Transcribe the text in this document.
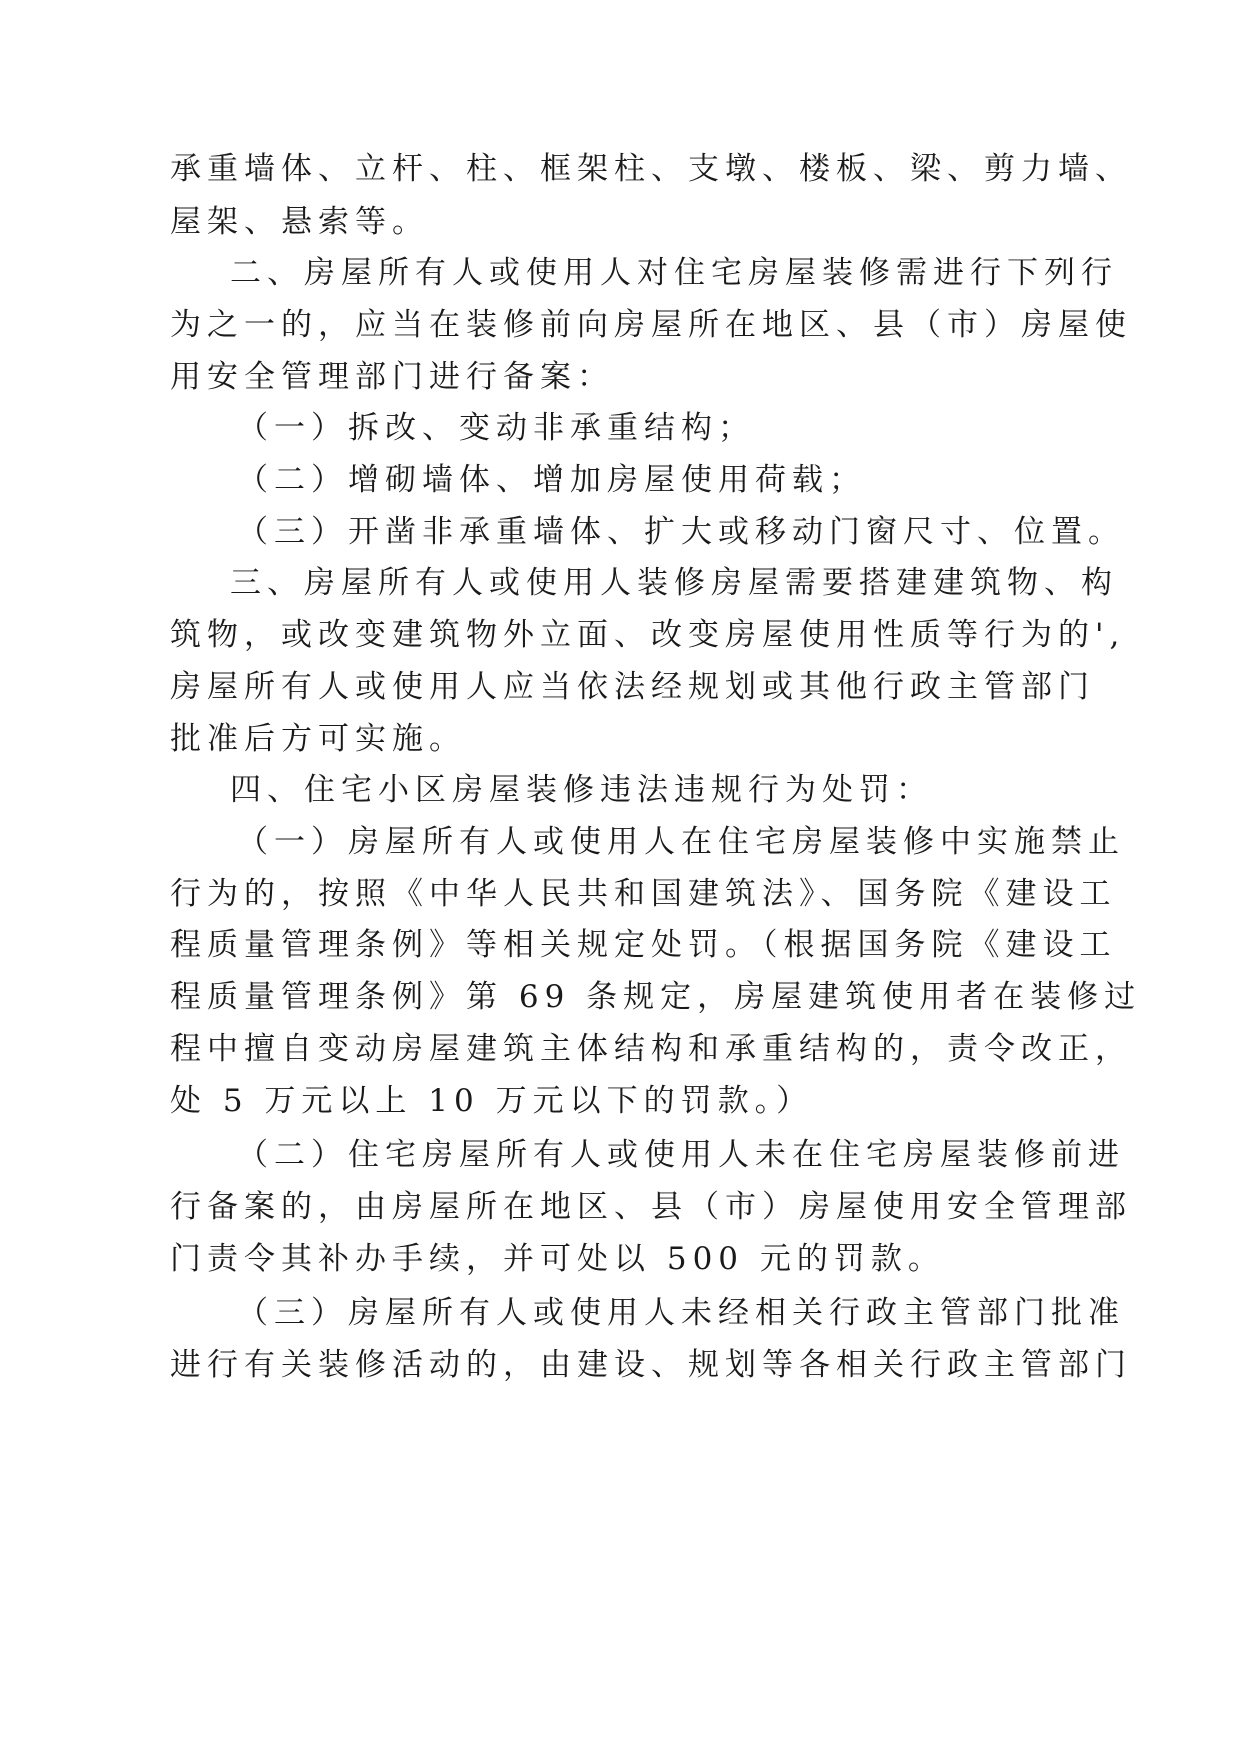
承重墙体、立杆、柱、框架柱、支墩、楼板、梁、剪力墙、
屋架、悬索等。
二、房屋所有人或使用人对住宅房屋装修需进行下列行
为之一的，应当在装修前向房屋所在地区、县（市）房屋使
用安全管理部门进行备案：
（一）拆改、变动非承重结构；
（二）增砌墙体、增加房屋使用荷载；
（三）开凿非承重墙体、扩大或移动门窗尺寸、位置。
三、房屋所有人或使用人装修房屋需要搭建建筑物、构
筑物，或改变建筑物外立面、改变房屋使用性质等行为的',
房屋所有人或使用人应当依法经规划或其他行政主管部门
批准后方可实施。
四、住宅小区房屋装修违法违规行为处罚：
（一）房屋所有人或使用人在住宅房屋装修中实施禁止
行为的，按照《中华人民共和国建筑法》、国务院《建设工
程质量管理条例》等相关规定处罚。（根据国务院《建设工
程质量管理条例》第 69 条规定，房屋建筑使用者在装修过
程中擅自变动房屋建筑主体结构和承重结构的，责令改正，
处 5 万元以上 10 万元以下的罚款。）
（二）住宅房屋所有人或使用人未在住宅房屋装修前进
行备案的，由房屋所在地区、县（市）房屋使用安全管理部
门责令其补办手续，并可处以 500 元的罚款。
（三）房屋所有人或使用人未经相关行政主管部门批准
进行有关装修活动的，由建设、规划等各相关行政主管部门
